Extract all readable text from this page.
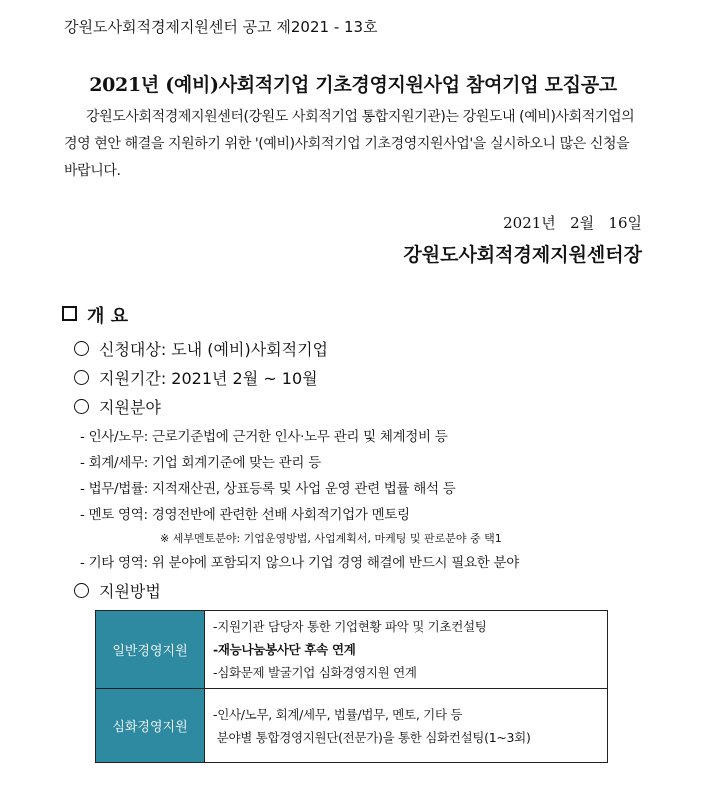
강원도사회적경제지원센터 공고 제2021 - 13호
2021년 (예비)사회적기업 기초경영지원사업 참여기업 모집공고
강원도사회적경제지원센터(강원도 사회적기업 통합지원기관)는 강원도내 (예비)사회적기업의 경영 현안 해결을 지원하기 위한 '(예비)사회적기업 기초경영지원사업'을 실시하오니 많은 신청을 바랍니다.
2021년   2월   16일
강원도사회적경제지원센터장
개 요
신청대상: 도내 (예비)사회적기업
지원기간: 2021년 2월 ~ 10월
지원분야
- 인사/노무: 근로기준법에 근거한 인사·노무 관리 및 체계정비 등
- 회계/세무: 기업 회계기준에 맞는 관리 등
- 법무/법률: 지적재산권, 상표등록 및 사업 운영 관련 법률 해석 등
- 멘토 영역: 경영전반에 관련한 선배 사회적기업가 멘토링
※ 세부멘토분야: 기업운영방법, 사업계획서, 마케팅 및 판로분야 중 택1
- 기타 영역: 위 분야에 포함되지 않으나 기업 경영 해결에 반드시 필요한 분야
지원방법
일반경영지원	-지원기관 담당자 통한 기업현황 파악 및 기초컨설팅
-재능나눔봉사단 후속 연계
-심화문제 발굴기업 심화경영지원 연계

심화경영지원	-인사/노무, 회계/세무, 법률/법무, 멘토, 기타 등
분야별 통합경영지원단(전문가)을 통한 심화컨설팅(1~3회)
